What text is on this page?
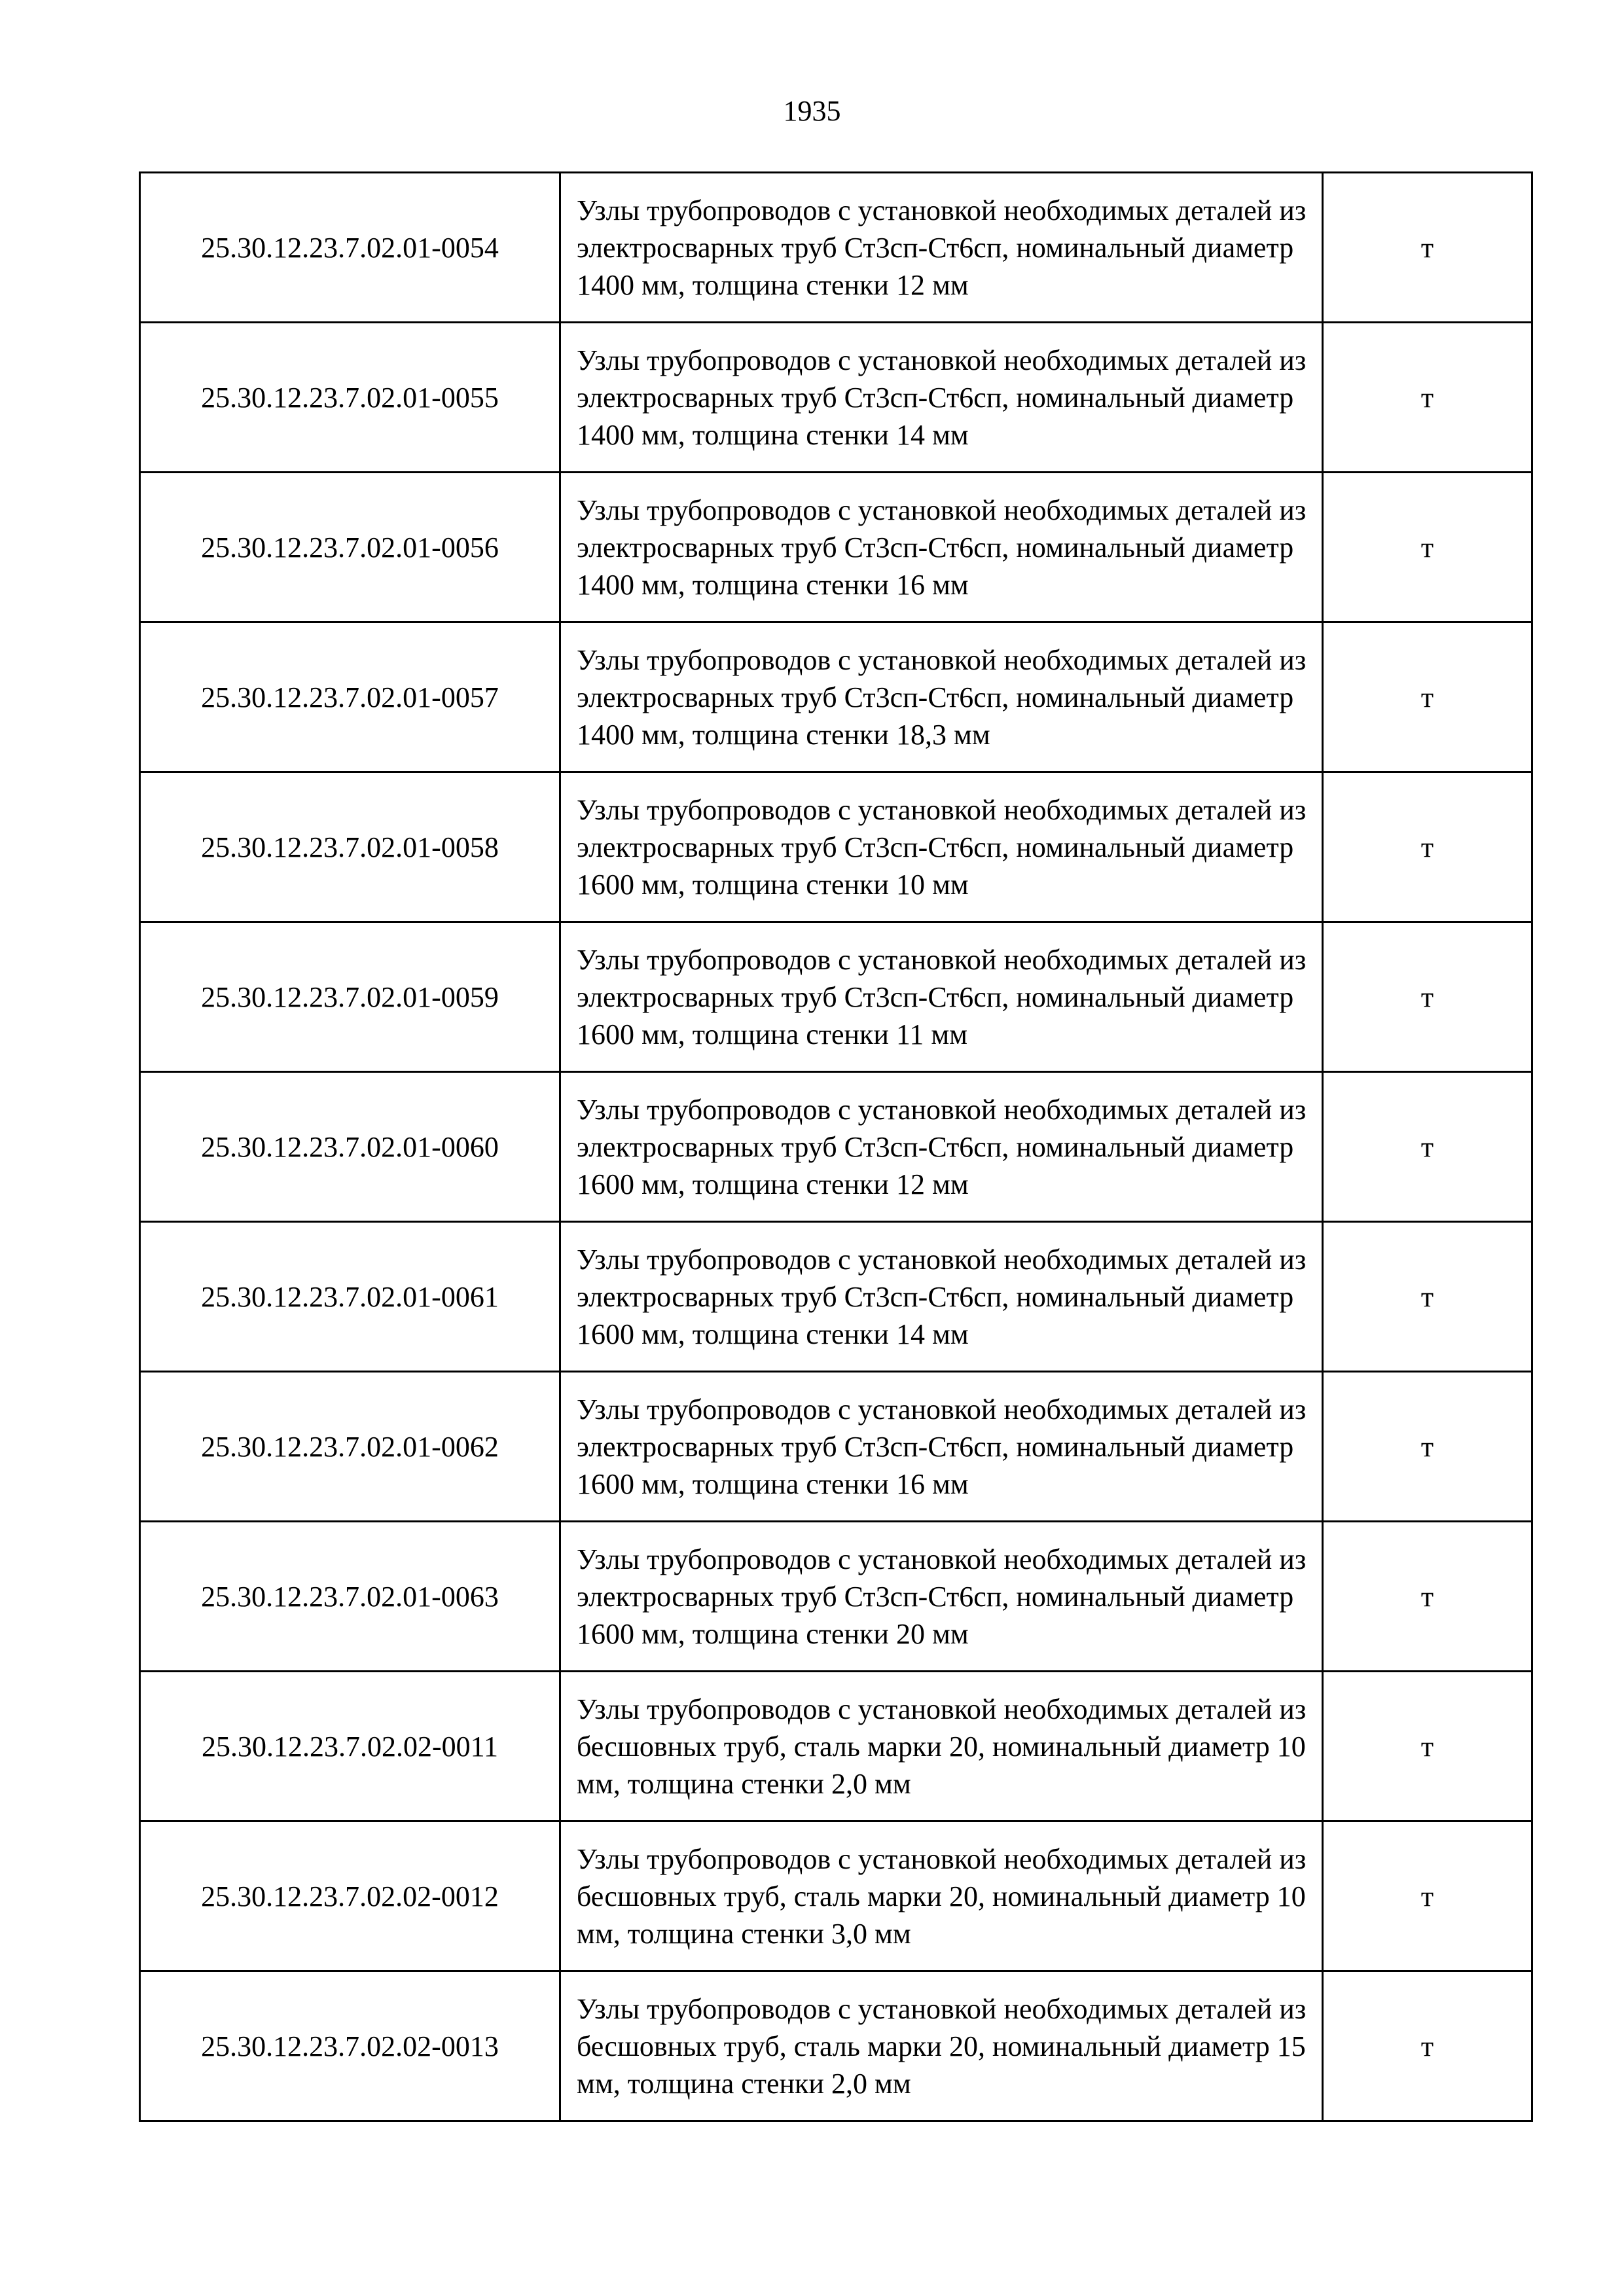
1935
25.30.12.23.7.02.01-0054	Узлы трубопроводов с установкой необходимых деталей из электросварных труб Ст3сп-Ст6сп, номинальный диаметр 1400 мм, толщина стенки 12 мм	т
25.30.12.23.7.02.01-0055	Узлы трубопроводов с установкой необходимых деталей из электросварных труб Ст3сп-Ст6сп, номинальный диаметр 1400 мм, толщина стенки 14 мм	т
25.30.12.23.7.02.01-0056	Узлы трубопроводов с установкой необходимых деталей из электросварных труб Ст3сп-Ст6сп, номинальный диаметр 1400 мм, толщина стенки 16 мм	т
25.30.12.23.7.02.01-0057	Узлы трубопроводов с установкой необходимых деталей из электросварных труб Ст3сп-Ст6сп, номинальный диаметр 1400 мм, толщина стенки 18,3 мм	т
25.30.12.23.7.02.01-0058	Узлы трубопроводов с установкой необходимых деталей из электросварных труб Ст3сп-Ст6сп, номинальный диаметр 1600 мм, толщина стенки 10 мм	т
25.30.12.23.7.02.01-0059	Узлы трубопроводов с установкой необходимых деталей из электросварных труб Ст3сп-Ст6сп, номинальный диаметр 1600 мм, толщина стенки 11 мм	т
25.30.12.23.7.02.01-0060	Узлы трубопроводов с установкой необходимых деталей из электросварных труб Ст3сп-Ст6сп, номинальный диаметр 1600 мм, толщина стенки 12 мм	т
25.30.12.23.7.02.01-0061	Узлы трубопроводов с установкой необходимых деталей из электросварных труб Ст3сп-Ст6сп, номинальный диаметр 1600 мм, толщина стенки 14 мм	т
25.30.12.23.7.02.01-0062	Узлы трубопроводов с установкой необходимых деталей из электросварных труб Ст3сп-Ст6сп, номинальный диаметр 1600 мм, толщина стенки 16 мм	т
25.30.12.23.7.02.01-0063	Узлы трубопроводов с установкой необходимых деталей из электросварных труб Ст3сп-Ст6сп, номинальный диаметр 1600 мм, толщина стенки 20 мм	т
25.30.12.23.7.02.02-0011	Узлы трубопроводов с установкой необходимых деталей из бесшовных труб, сталь марки 20, номинальный диаметр 10 мм, толщина стенки 2,0 мм	т
25.30.12.23.7.02.02-0012	Узлы трубопроводов с установкой необходимых деталей из бесшовных труб, сталь марки 20, номинальный диаметр 10 мм, толщина стенки 3,0 мм	т
25.30.12.23.7.02.02-0013	Узлы трубопроводов с установкой необходимых деталей из бесшовных труб, сталь марки 20, номинальный диаметр 15 мм, толщина стенки 2,0 мм	т
